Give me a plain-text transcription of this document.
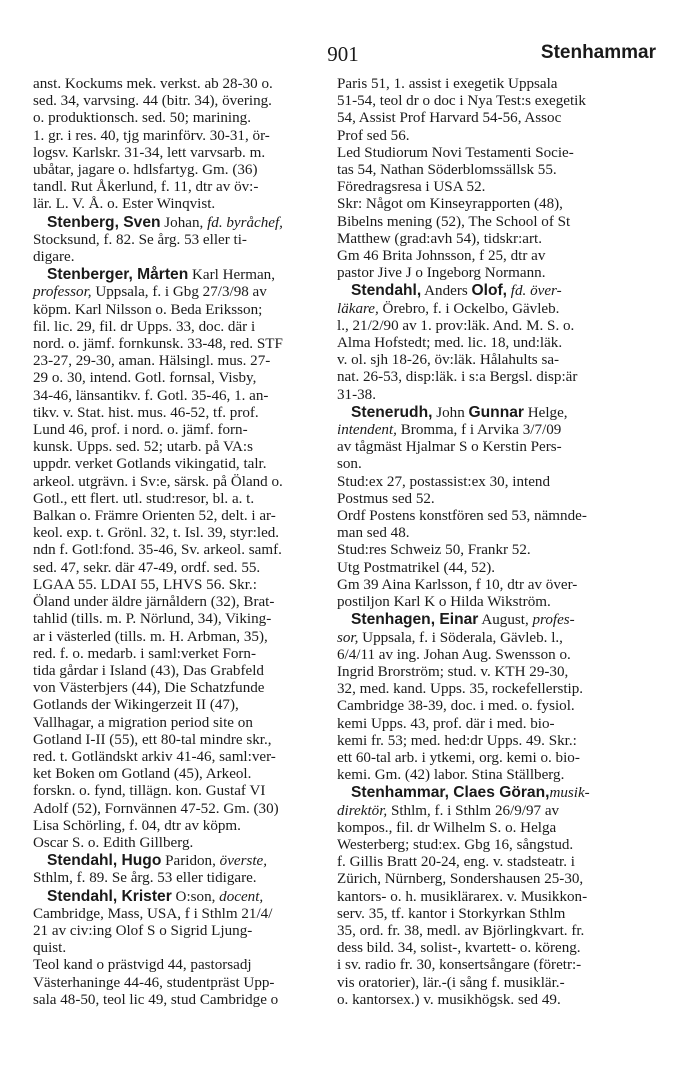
901	Stenhammar
anst. Kockums mek. verkst. ab 28-30 o.
sed. 34, varvsing. 44 (bitr. 34), övering.
o. produktionsch. sed. 50; marining.
1. gr. i res. 40, tjg marinförv. 30-31, ör-
logsv. Karlskr. 31-34, lett varvsarb. m.
ubåtar, jagare o. hdlsfartyg. Gm. (36)
tandl. Rut Åkerlund, f. 11, dtr av öv:-
lär. L. V. Å. o. Ester Winqvist.
Stenberg, Sven Johan, fd. byråchef,
Stocksund, f. 82. Se årg. 53 eller ti-
digare.
Stenberger, Mårten Karl Herman,
professor, Uppsala, f. i Gbg 27/3/98 av
köpm. Karl Nilsson o. Beda Eriksson;
fil. lic. 29, fil. dr Upps. 33, doc. där i
nord. o. jämf. fornkunsk. 33-48, red. STF
23-27, 29-30, aman. Hälsingl. mus. 27-
29 o. 30, intend. Gotl. fornsal, Visby,
34-46, länsantikv. f. Gotl. 35-46, 1. an-
tikv. v. Stat. hist. mus. 46-52, tf. prof.
Lund 46, prof. i nord. o. jämf. forn-
kunsk. Upps. sed. 52; utarb. på VA:s
uppdr. verket Gotlands vikingatid, talr.
arkeol. utgrävn. i Sv:e, särsk. på Öland o.
Gotl., ett flert. utl. stud:resor, bl. a. t.
Balkan o. Främre Orienten 52, delt. i ar-
keol. exp. t. Grönl. 32, t. Isl. 39, styr:led.
ndn f. Gotl:fond. 35-46, Sv. arkeol. samf.
sed. 47, sekr. där 47-49, ordf. sed. 55.
LGAA 55. LDAI 55, LHVS 56. Skr.:
Öland under äldre järnåldern (32), Brat-
tahlid (tills. m. P. Nörlund, 34), Viking-
ar i västerled (tills. m. H. Arbman, 35),
red. f. o. medarb. i saml:verket Forn-
tida gårdar i Island (43), Das Grabfeld
von Västerbjers (44), Die Schatzfunde
Gotlands der Wikingerzeit II (47),
Vallhagar, a migration period site on
Gotland I-II (55), ett 80-tal mindre skr.,
red. t. Gotländskt arkiv 41-46, saml:ver-
ket Boken om Gotland (45), Arkeol.
forskn. o. fynd, tillägn. kon. Gustaf VI
Adolf (52), Fornvännen 47-52. Gm. (30)
Lisa Schörling, f. 04, dtr av köpm.
Oscar S. o. Edith Gillberg.
Stendahl, Hugo Paridon, överste,
Sthlm, f. 89. Se årg. 53 eller tidigare.
Stendahl, Krister O:son, docent,
Cambridge, Mass, USA, f i Sthlm 21/4/
21 av civ:ing Olof S o Sigrid Ljung-
quist.
Teol kand o prästvigd 44, pastorsadj
Västerhaninge 44-46, studentpräst Upp-
sala 48-50, teol lic 49, stud Cambridge o
Paris 51, 1. assist i exegetik Uppsala
51-54, teol dr o doc i Nya Test:s exegetik
54, Assist Prof Harvard 54-56, Assoc
Prof sed 56.
Led Studiorum Novi Testamenti Socie-
tas 54, Nathan Söderblomssällsk 55.
Föredragsresa i USA 52.
Skr: Något om Kinseyrapporten (48),
Bibelns mening (52), The School of St
Matthew (grad:avh 54), tidskr:art.
Gm 46 Brita Johnsson, f 25, dtr av
pastor Jive J o Ingeborg Normann.
Stendahl, Anders Olof, fd. över-
läkare, Örebro, f. i Ockelbo, Gävleb.
l., 21/2/90 av 1. prov:läk. And. M. S. o.
Alma Hofstedt; med. lic. 18, und:läk.
v. ol. sjh 18-26, öv:läk. Hålahults sa-
nat. 26-53, disp:läk. i s:a Bergsl. disp:är
31-38.
Stenerudh, John Gunnar Helge,
intendent, Bromma, f i Arvika 3/7/09
av tågmäst Hjalmar S o Kerstin Pers-
son.
Stud:ex 27, postassist:ex 30, intend
Postmus sed 52.
Ordf Postens konstfören sed 53, nämnde-
man sed 48.
Stud:res Schweiz 50, Frankr 52.
Utg Postmatrikel (44, 52).
Gm 39 Aina Karlsson, f 10, dtr av över-
postiljon Karl K o Hilda Wikström.
Stenhagen, Einar August, profes-
sor, Uppsala, f. i Söderala, Gävleb. l.,
6/4/11 av ing. Johan Aug. Swensson o.
Ingrid Brorström; stud. v. KTH 29-30,
32, med. kand. Upps. 35, rockefellerstip.
Cambridge 38-39, doc. i med. o. fysiol.
kemi Upps. 43, prof. där i med. bio-
kemi fr. 53; med. hed:dr Upps. 49. Skr.:
ett 60-tal arb. i ytkemi, org. kemi o. bio-
kemi. Gm. (42) labor. Stina Ställberg.
Stenhammar, Claes Göran,musik-
direktör, Sthlm, f. i Sthlm 26/9/97 av
kompos., fil. dr Wilhelm S. o. Helga
Westerberg; stud:ex. Gbg 16, sångstud.
f. Gillis Bratt 20-24, eng. v. stadsteatr. i
Zürich, Nürnberg, Sondershausen 25-30,
kantors- o. h. musiklärarex. v. Musikkon-
serv. 35, tf. kantor i Storkyrkan Sthlm
35, ord. fr. 38, medl. av Björlingkvart. fr.
dess bild. 34, solist-, kvartett- o. köreng.
i sv. radio fr. 30, konsertsångare (företr:-
vis oratorier), lär.-(i sång f. musiklär.-
o. kantorsex.) v. musikhögsk. sed 49.
